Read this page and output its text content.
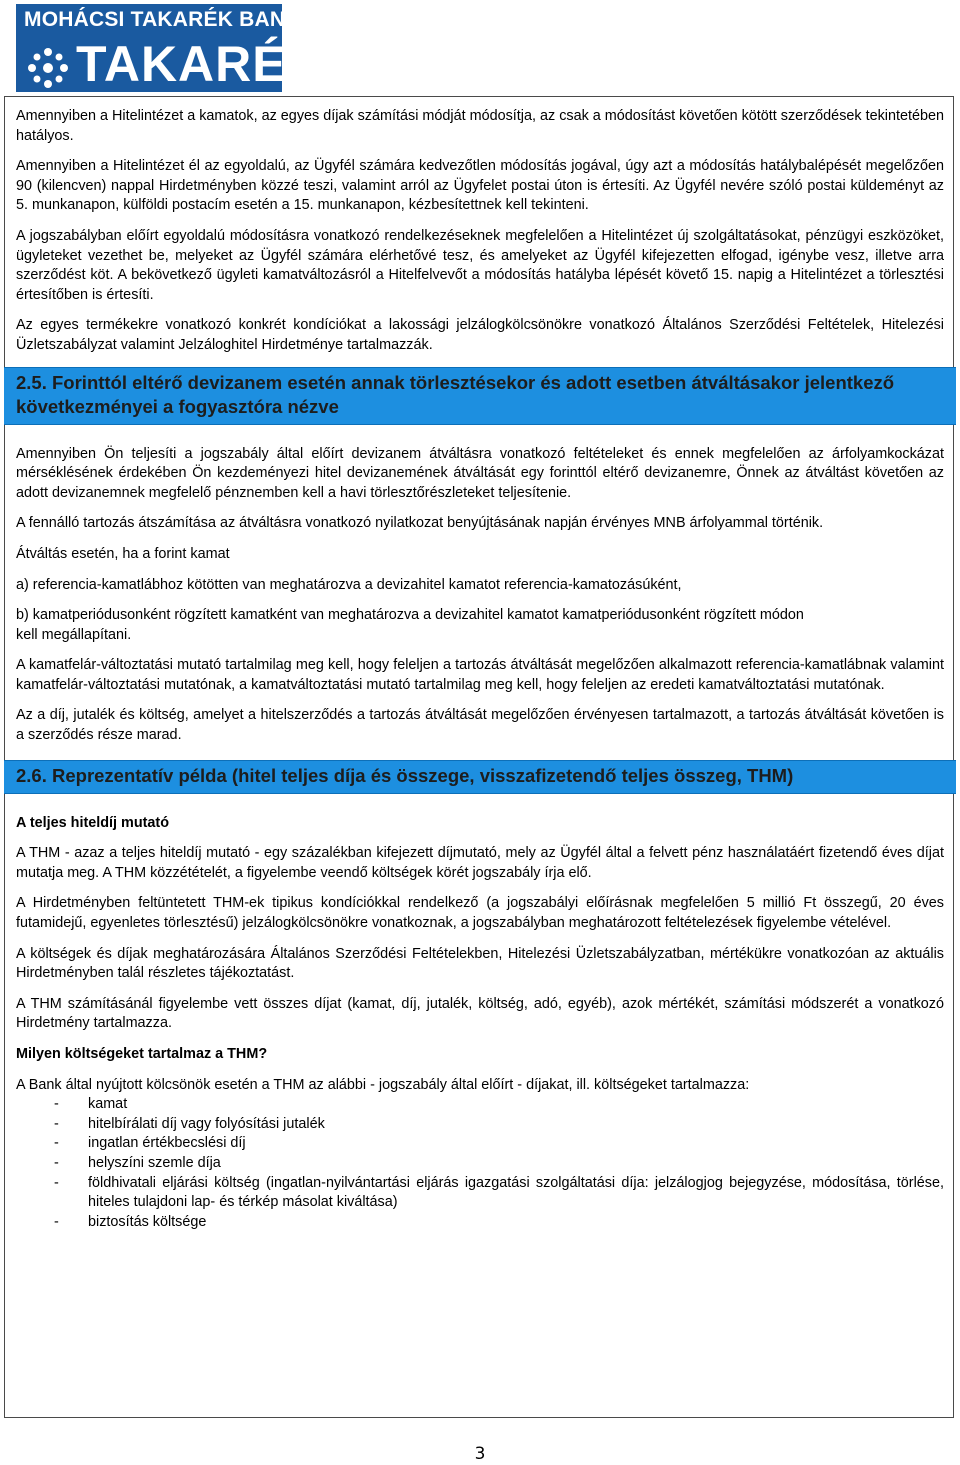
MOHÁCSI TAKARÉK BANK
TAKARÉK

Amennyiben a Hitelintézet a kamatok, az egyes díjak számítási módját módosítja, az csak a módosítást követően kötött szerződések tekintetében hatályos.

Amennyiben a Hitelintézet él az egyoldalú, az Ügyfél számára kedvezőtlen módosítás jogával, úgy azt a módosítás hatálybalépését megelőzően 90 (kilencven) nappal Hirdetményben közzé teszi, valamint arról az Ügyfelet postai úton is értesíti. Az Ügyfél nevére szóló postai küldeményt az 5. munkanapon, külföldi postacím esetén a 15. munkanapon, kézbesítettnek kell tekinteni.

A jogszabályban előírt egyoldalú módosításra vonatkozó rendelkezéseknek megfelelően a Hitelintézet új szolgáltatásokat, pénzügyi eszközöket, ügyleteket vezethet be, melyeket az Ügyfél számára elérhetővé tesz, és amelyeket az Ügyfél kifejezetten elfogad, igénybe vesz, illetve arra szerződést köt. A bekövetkező ügyleti kamatváltozásról a Hitelfelvevőt a módosítás hatályba lépését követő 15. napig a Hitelintézet a törlesztési értesítőben is értesíti.

Az egyes termékekre vonatkozó konkrét kondíciókat a lakossági jelzálogkölcsönökre vonatkozó Általános Szerződési Feltételek, Hitelezési Üzletszabályzat valamint Jelzáloghitel Hirdetménye tartalmazzák.

2.5. Forinttól eltérő devizanem esetén annak törlesztésekor és adott esetben átváltásakor jelentkező következményei a fogyasztóra nézve

Amennyiben Ön teljesíti a jogszabály által előírt devizanem átváltásra vonatkozó feltételeket és ennek megfelelően az árfolyamkockázat mérséklésének érdekében Ön kezdeményezi hitel devizanemének átváltását egy forinttól eltérő devizanemre, Önnek az átváltást követően az adott devizanemnek megfelelő pénznemben kell a havi törlesztőrészleteket teljesítenie.

A fennálló tartozás átszámítása az átváltásra vonatkozó nyilatkozat benyújtásának napján érvényes MNB árfolyammal történik.

Átváltás esetén, ha a forint kamat

a) referencia-kamatlábhoz kötötten van meghatározva a devizahitel kamatot referencia-kamatozásúként,

b) kamatperiódusonként rögzített kamatként van meghatározva a devizahitel kamatot kamatperiódusonként rögzített módon
kell megállapítani.

A kamatfelár-változtatási mutató tartalmilag meg kell, hogy feleljen a tartozás átváltását megelőzően alkalmazott referencia-kamatlábnak valamint kamatfelár-változtatási mutatónak, a kamatváltoztatási mutató tartalmilag meg kell, hogy feleljen az eredeti kamatváltoztatási mutatónak.

Az a díj, jutalék és költség, amelyet a hitelszerződés a tartozás átváltását megelőzően érvényesen tartalmazott, a tartozás átváltását követően is a szerződés része marad.

2.6. Reprezentatív példa (hitel teljes díja és összege, visszafizetendő teljes összeg, THM)

A teljes hiteldíj mutató

A THM - azaz a teljes hiteldíj mutató - egy százalékban kifejezett díjmutató, mely az Ügyfél által a felvett pénz használatáért fizetendő éves díjat mutatja meg. A THM közzétételét, a figyelembe veendő költségek körét jogszabály írja elő.

A Hirdetményben feltüntetett THM-ek tipikus kondíciókkal rendelkező (a jogszabályi előírásnak megfelelően 5 millió Ft összegű, 20 éves futamidejű, egyenletes törlesztésű) jelzálogkölcsönökre vonatkoznak, a jogszabályban meghatározott feltételezések figyelembe vételével.

A költségek és díjak meghatározására Általános Szerződési Feltételekben, Hitelezési Üzletszabályzatban, mértékükre vonatkozóan az aktuális Hirdetményben talál részletes tájékoztatást.

A THM számításánál figyelembe vett összes díjat (kamat, díj, jutalék, költség, adó, egyéb), azok mértékét, számítási módszerét a vonatkozó Hirdetmény tartalmazza.

Milyen költségeket tartalmaz a THM?

A Bank által nyújtott kölcsönök esetén a THM az alábbi - jogszabály által előírt - díjakat, ill. költségeket tartalmazza:

- kamat
- hitelbírálati díj vagy folyósítási jutalék
- ingatlan értékbecslési díj
- helyszíni szemle díja
- földhivatali eljárási költség (ingatlan-nyilvántartási eljárás igazgatási szolgáltatási díja: jelzálogjog bejegyzése, módosítása, törlése, hiteles tulajdoni lap- és térkép másolat kiváltása)
- biztosítás költsége
3
